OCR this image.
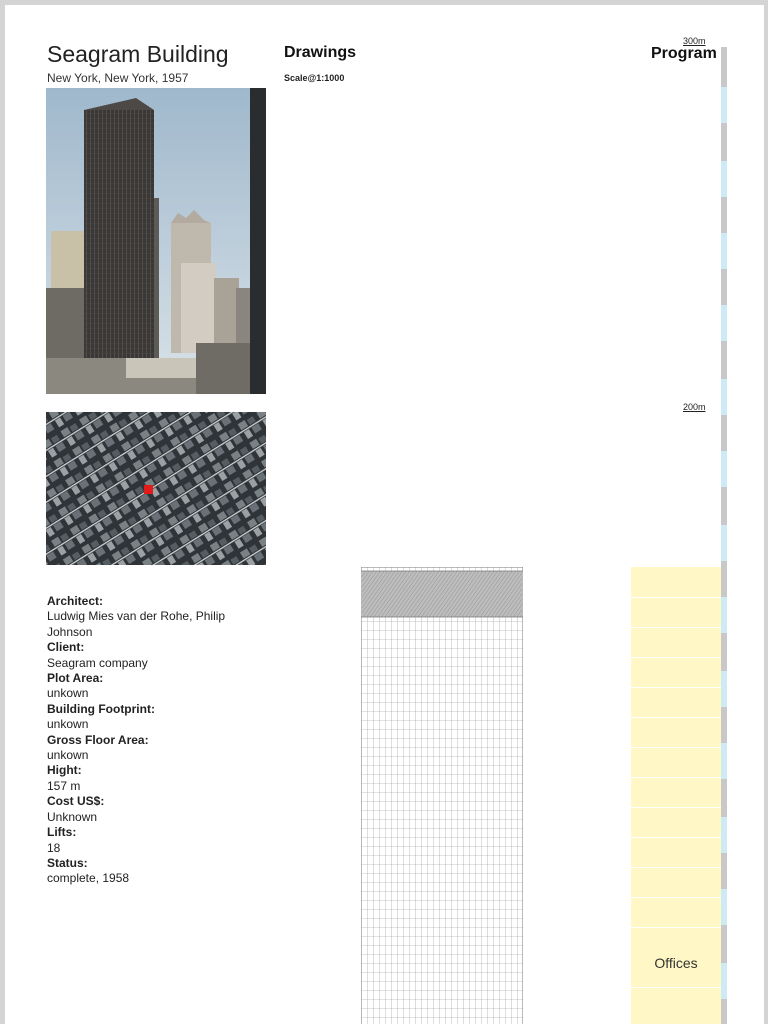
Seagram Building
New York, New York, 1957
Drawings
Scale@1:1000
Program
Architect:
Ludwig Mies van der Rohe, Philip Johnson
Client:
Seagram company
Plot Area:
unkown
Building Footprint:
unkown
Gross Floor Area:
unkown
Hight:
157 m
Cost US$:
Unknown
Lifts:
18
Status:
complete, 1958
300m
200m
Offices
